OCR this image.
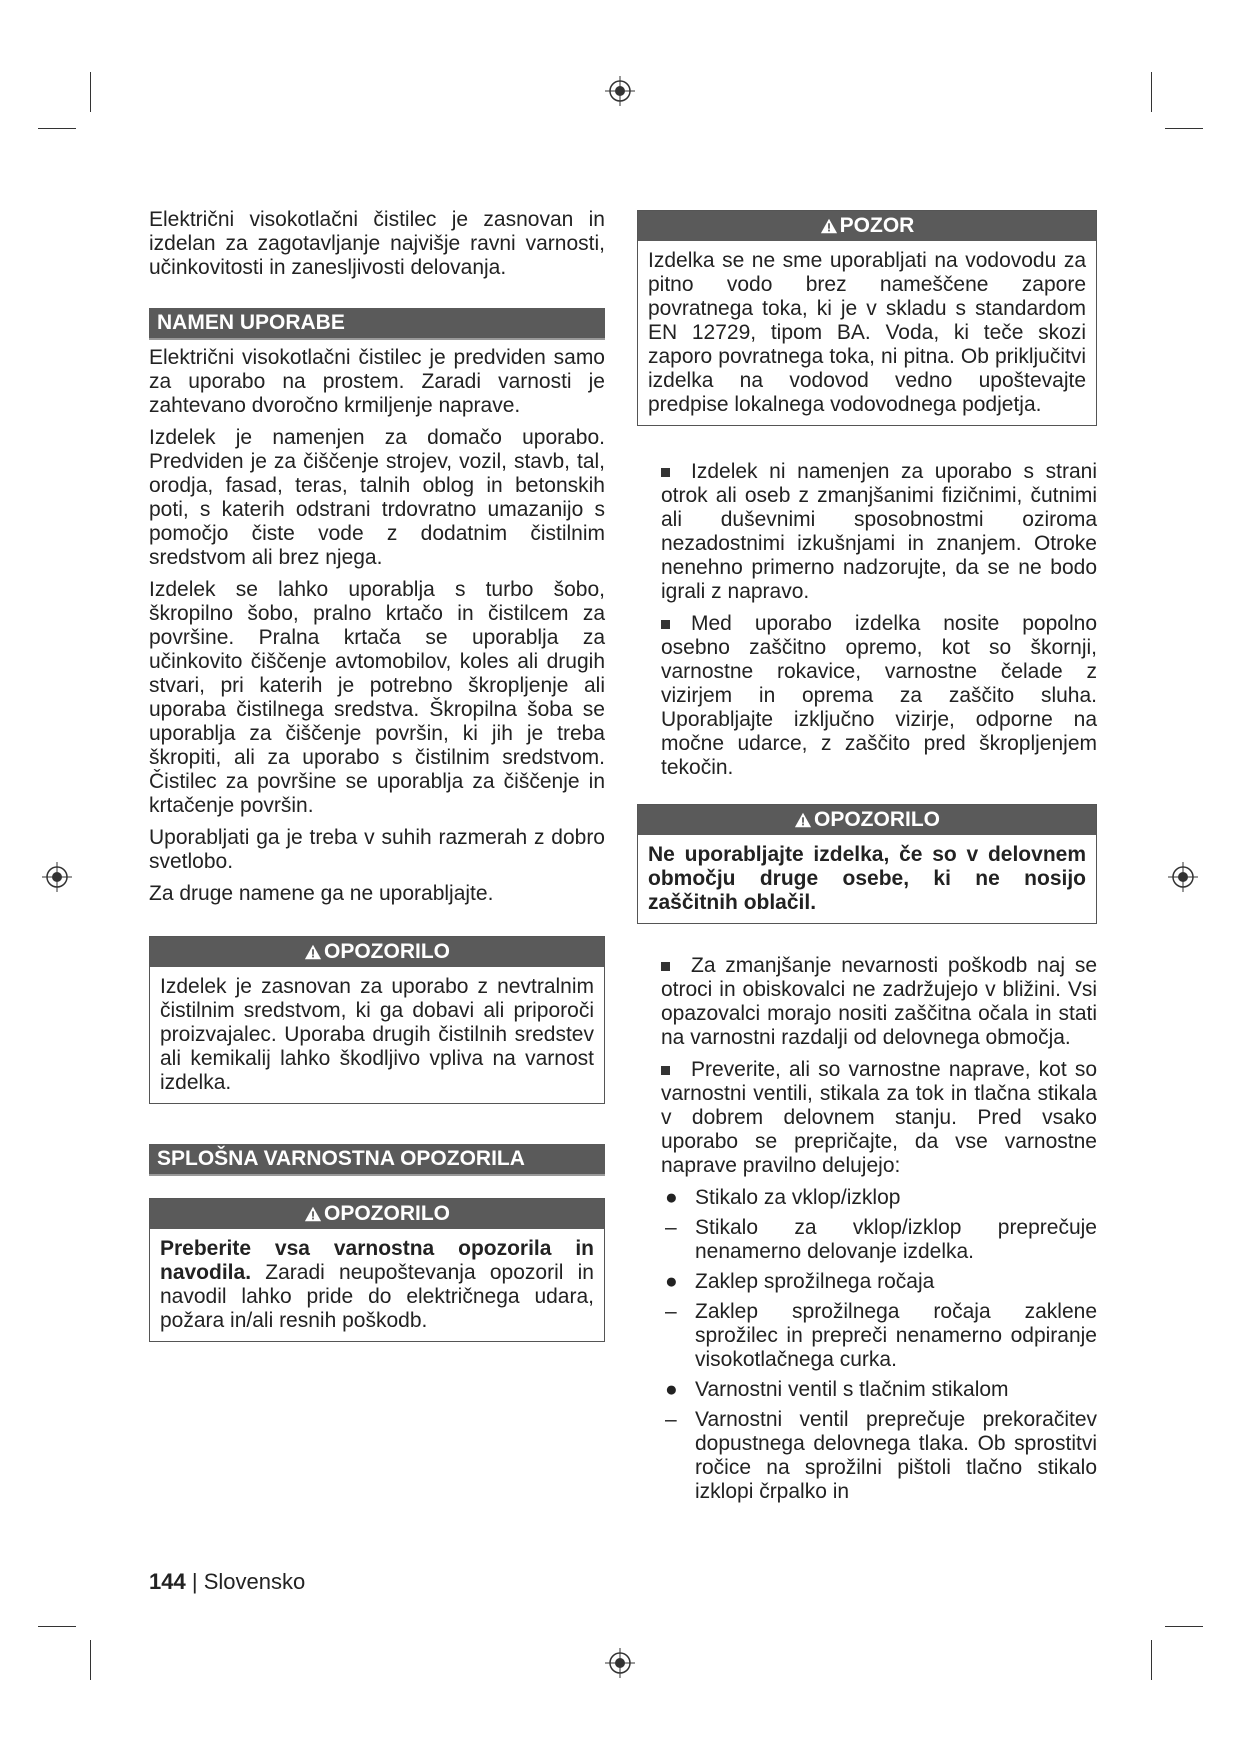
Električni visokotlačni čistilec je zasnovan in izdelan za zagotavljanje najvišje ravni varnosti, učinkovitosti in zanesljivosti delovanja.

NAMEN UPORABE

Električni visokotlačni čistilec je predviden samo za uporabo na prostem. Zaradi varnosti je zahtevano dvoročno krmiljenje naprave.

Izdelek je namenjen za domačo uporabo. Predviden je za čiščenje strojev, vozil, stavb, tal, orodja, fasad, teras, talnih oblog in betonskih poti, s katerih odstrani trdovratno umazanijo s pomočjo čiste vode z dodatnim čistilnim sredstvom ali brez njega.

Izdelek se lahko uporablja s turbo šobo, škropilno šobo, pralno krtačo in čistilcem za površine. Pralna krtača se uporablja za učinkovito čiščenje avtomobilov, koles ali drugih stvari, pri katerih je potrebno škropljenje ali uporaba čistilnega sredstva. Škropilna šoba se uporablja za čiščenje površin, ki jih je treba škropiti, ali za uporabo s čistilnim sredstvom. Čistilec za površine se uporablja za čiščenje in krtačenje površin.

Uporabljati ga je treba v suhih razmerah z dobro svetlobo.

Za druge namene ga ne uporabljajte.

OPOZORILO

Izdelek je zasnovan za uporabo z nevtralnim čistilnim sredstvom, ki ga dobavi ali priporoči proizvajalec. Uporaba drugih čistilnih sredstev ali kemikalij lahko škodljivo vpliva na varnost izdelka.

SPLOŠNA VARNOSTNA OPOZORILA
OPOZORILO

Preberite vsa varnostna opozorila in navodila. Zaradi neupoštevanja opozoril in navodil lahko pride do električnega udara, požara in/ali resnih poškodb.

POZOR

Izdelka se ne sme uporabljati na vodovodu za pitno vodo brez nameščene zapore povratnega toka, ki je v skladu s standardom EN 12729, tipom BA. Voda, ki teče skozi zaporo povratnega toka, ni pitna. Ob priključitvi izdelka na vodovod vedno upoštevajte predpise lokalnega vodovodnega podjetja.

Izdelek ni namenjen za uporabo s strani otrok ali oseb z zmanjšanimi fizičnimi, čutnimi ali duševnimi sposobnostmi oziroma nezadostnimi izkušnjami in znanjem. Otroke nenehno primerno nadzorujte, da se ne bodo igrali z napravo.
Med uporabo izdelka nosite popolno osebno zaščitno opremo, kot so škornji, varnostne rokavice, varnostne čelade z vizirjem in oprema za zaščito sluha. Uporabljajte izključno vizirje, odporne na močne udarce, z zaščito pred škropljenjem tekočin.
OPOZORILO

Ne uporabljajte izdelka, če so v delovnem območju druge osebe, ki ne nosijo zaščitnih oblačil.

Za zmanjšanje nevarnosti poškodb naj se otroci in obiskovalci ne zadržujejo v bližini. Vsi opazovalci morajo nositi zaščitna očala in stati na varnostni razdalji od delovnega območja.
Preverite, ali so varnostne naprave, kot so varnostni ventili, stikala za tok in tlačna stikala v dobrem delovnem stanju. Pred vsako uporabo se prepričajte, da vse varnostne naprave pravilno delujejo:
● Stikalo za vklop/izklop
– Stikalo za vklop/izklop preprečuje nenamerno delovanje izdelka.
● Zaklep sprožilnega ročaja
– Zaklep sprožilnega ročaja zaklene sprožilec in prepreči nenamerno odpiranje visokotlačnega curka.
● Varnostni ventil s tlačnim stikalom
– Varnostni ventil preprečuje prekoračitev dopustnega delovnega tlaka. Ob sprostitvi ročice na sprožilni pištoli tlačno stikalo izklopi črpalko in
144 | Slovensko
